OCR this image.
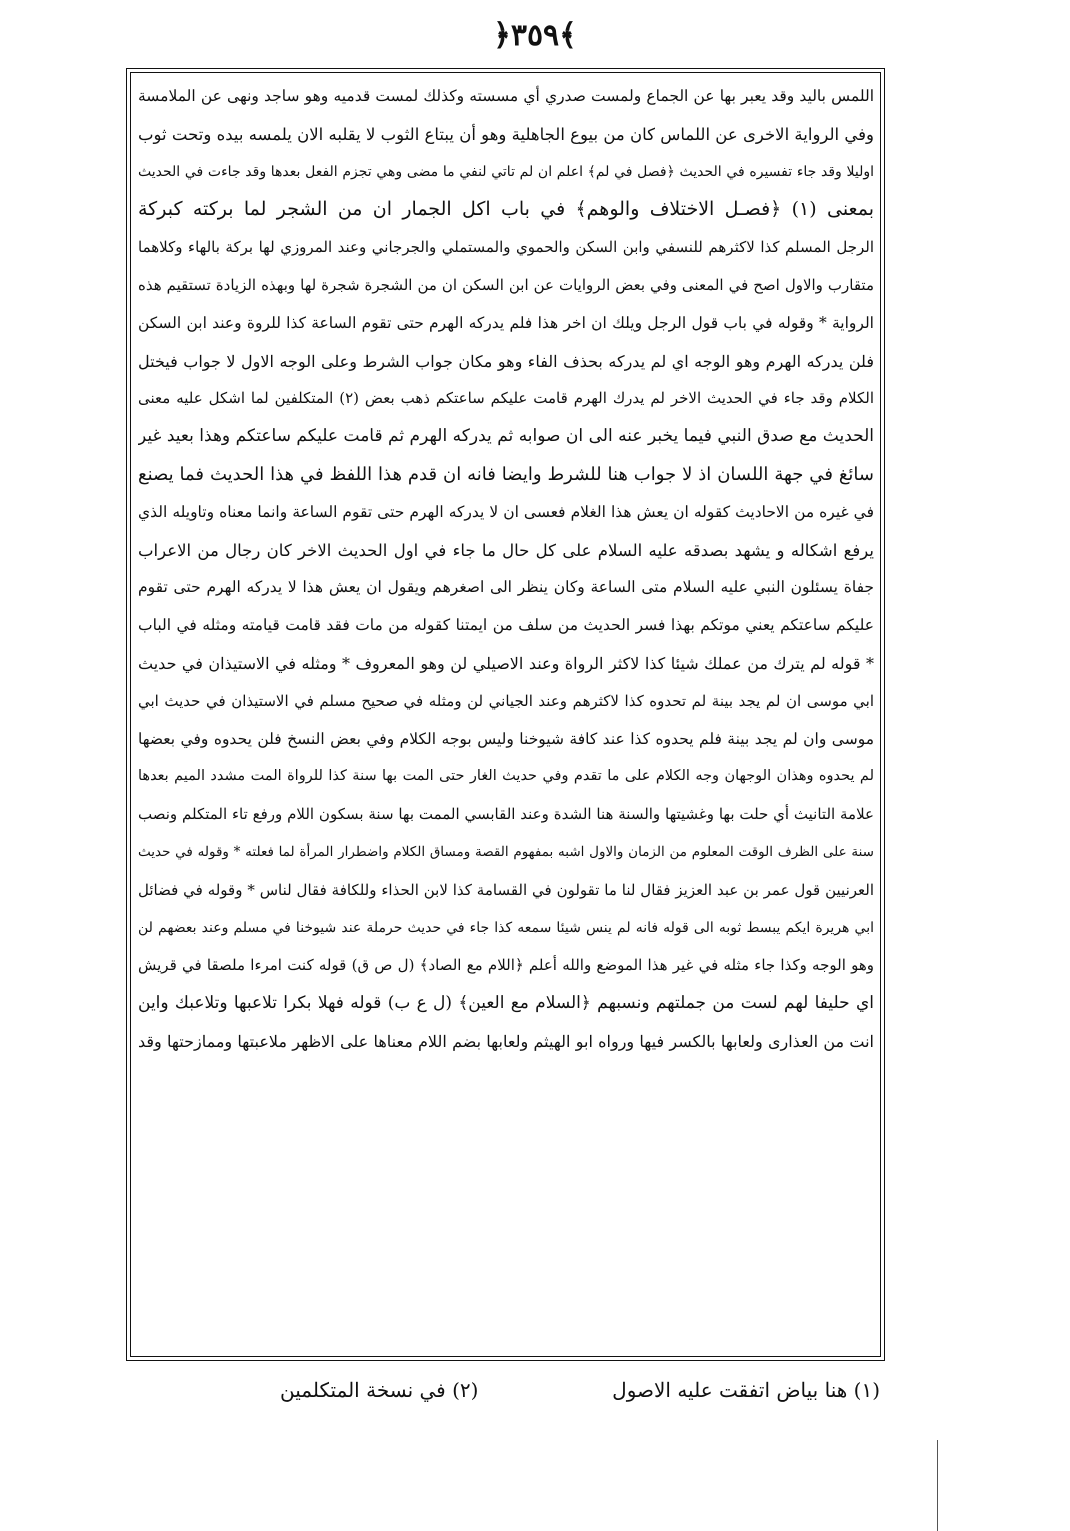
﴿٣٥٩﴾
اللمس باليد وقد يعبر بها عن الجماع ولمست صدري أي مسسته وكذلك لمست قدميه وهو ساجد ونهى عن الملامسة
وفي الرواية الاخرى عن اللماس كان من بيوع الجاهلية وهو أن يبتاع الثوب لا يقلبه الان يلمسه بيده وتحت ثوب
اوليلا وقد جاء تفسيره في الحديث ﴿فصل في لم﴾ اعلم ان لم تاتي لنفي ما مضى وهي تجزم الفعل بعدها وقد جاءت في الحديث
بمعنى (١) ﴿فصـل الاختلاف والوهم﴾ في باب اكل الجمار ان من الشجر لما بركته كبركة
الرجل المسلم كذا لاكثرهم للنسفي وابن السكن والحموي والمستملي والجرجاني وعند المروزي لها بركة بالهاء وكلاهما
متقارب والاول اصح في المعنى وفي بعض الروايات عن ابن السكن ان من الشجرة شجرة لها وبهذه الزيادة تستقيم هذه
الرواية * وقوله في باب قول الرجل ويلك ان اخر هذا فلم يدركه الهرم حتى تقوم الساعة كذا للروة وعند ابن السكن
فلن يدركه الهرم وهو الوجه اي لم يدركه بحذف الفاء وهو مكان جواب الشرط وعلى الوجه الاول لا جواب فيختل
الكلام وقد جاء في الحديث الاخر لم يدرك الهرم قامت عليكم ساعتكم ذهب بعض (٢) المتكلفين لما اشكل عليه معنى
الحديث مع صدق النبي فيما يخبر عنه الى ان صوابه ثم يدركه الهرم ثم قامت عليكم ساعتكم وهذا بعيد غير
سائغ في جهة اللسان اذ لا جواب هنا للشرط وايضا فانه ان قدم هذا اللفظ في هذا الحديث فما يصنع
في غيره من الاحاديث كقوله ان يعش هذا الغلام فعسى ان لا يدركه الهرم حتى تقوم الساعة وانما معناه وتاويله الذي
يرفع اشكاله و يشهد بصدقه عليه السلام على كل حال ما جاء في اول الحديث الاخر كان رجال من الاعراب
جفاة يسئلون النبي عليه السلام متى الساعة وكان ينظر الى اصغرهم ويقول ان يعش هذا لا يدركه الهرم حتى تقوم
عليكم ساعتكم يعني موتكم بهذا فسر الحديث من سلف من ايمتنا كقوله من مات فقد قامت قيامته ومثله في الباب
* قوله لم يترك من عملك شيئا كذا لاكثر الرواة وعند الاصيلي لن وهو المعروف * ومثله في الاستيذان في حديث
ابي موسى ان لم يجد بينة لم تحدوه كذا لاكثرهم وعند الجياني لن ومثله في صحيح مسلم في الاستيذان في حديث ابي
موسى وان لم يجد بينة فلم يحدوه كذا عند كافة شيوخنا وليس بوجه الكلام وفي بعض النسخ فلن يحدوه وفي بعضها
لم يحدوه وهذان الوجهان وجه الكلام على ما تقدم وفي حديث الغار حتى المت بها سنة كذا للرواة المت مشدد الميم بعدها
علامة التانيث أي حلت بها وغشيتها والسنة هنا الشدة وعند القابسي الممت بها سنة بسكون اللام ورفع تاء المتكلم ونصب
سنة على الظرف الوقت المعلوم من الزمان والاول اشبه بمفهوم القصة ومساق الكلام واضطرار المرأة لما فعلته * وقوله في حديث
العرنيين قول عمر بن عبد العزيز فقال لنا ما تقولون في القسامة كذا لابن الحذاء وللكافة فقال لناس * وقوله في فضائل
ابي هريرة ايكم يبسط ثوبه الى قوله فانه لم ينس شيئا سمعه كذا جاء في حديث حرملة عند شيوخنا في مسلم وعند بعضهم لن
وهو الوجه وكذا جاء مثله في غير هذا الموضع والله أعلم ﴿اللام مع الصاد﴾ (ل ص ق) قوله كنت امرءا ملصقا في قريش
اي حليفا لهم لست من جملتهم ونسبهم ﴿السلام مع العين﴾ (ل ع ب) قوله فهلا بكرا تلاعبها وتلاعبك واين
انت من العذارى ولعابها بالكسر فيها ورواه ابو الهيثم ولعابها بضم اللام معناها على الاظهر ملاعبتها وممازحتها وقد
(١) هنا بياض اتفقت عليه الاصول
(٢) في نسخة المتكلمين
